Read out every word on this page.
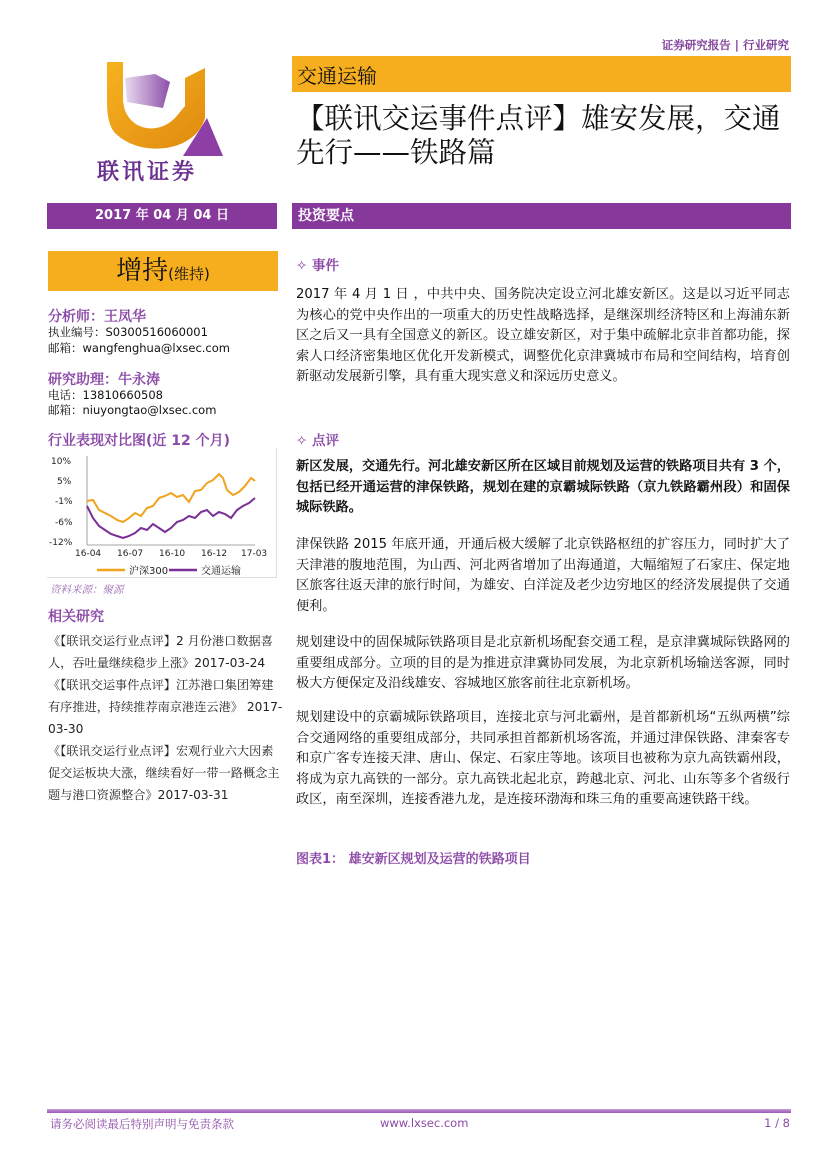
证券研究报告 | 行业研究
联讯证券
交通运输
【联讯交运事件点评】雄安发展，交通先行——铁路篇
2017 年 04 月 04 日	投资要点
增持(维持)
分析师：王凤华
执业编号：S0300516060001
邮箱：wangfenghua@lxsec.com
研究助理：牛永涛
电话：13810660508
邮箱：niuyongtao@lxsec.com
行业表现对比图(近 12 个月)
10%
5%
-1%
-6%
-12%
16-04 16-07 16-10 16-12 17-03
沪深300	交通运输
资料来源：聚源
相关研究
《【联讯交运行业点评】2 月份港口数据喜人，吞吐量继续稳步上涨》2017-03-24
《【联讯交运事件点评】江苏港口集团筹建有序推进，持续推荐南京港连云港》 2017-03-30
《【联讯交运行业点评】宏观行业六大因素促交运板块大涨，继续看好一带一路概念主题与港口资源整合》2017-03-31
✧ 事件
2017 年 4 月 1 日 ，中共中央、国务院决定设立河北雄安新区。这是以习近平同志为核心的党中央作出的一项重大的历史性战略选择，是继深圳经济特区和上海浦东新区之后又一具有全国意义的新区。设立雄安新区，对于集中疏解北京非首都功能，探索人口经济密集地区优化开发新模式，调整优化京津冀城市布局和空间结构，培育创新驱动发展新引擎，具有重大现实意义和深远历史意义。
✧ 点评
新区发展，交通先行。河北雄安新区所在区域目前规划及运营的铁路项目共有 3 个，包括已经开通运营的津保铁路，规划在建的京霸城际铁路（京九铁路霸州段）和固保城际铁路。
津保铁路 2015 年底开通，开通后极大缓解了北京铁路枢纽的扩容压力，同时扩大了天津港的腹地范围，为山西、河北两省增加了出海通道，大幅缩短了石家庄、保定地区旅客往返天津的旅行时间，为雄安、白洋淀及老少边穷地区的经济发展提供了交通便利。
规划建设中的固保城际铁路项目是北京新机场配套交通工程，是京津冀城际铁路网的重要组成部分。立项的目的是为推进京津冀协同发展，为北京新机场输送客源，同时极大方便保定及沿线雄安、容城地区旅客前往北京新机场。
规划建设中的京霸城际铁路项目，连接北京与河北霸州，是首都新机场“五纵两横”综合交通网络的重要组成部分，共同承担首都新机场客流，并通过津保铁路、津秦客专和京广客专连接天津、唐山、保定、石家庄等地。该项目也被称为京九高铁霸州段，将成为京九高铁的一部分。京九高铁北起北京，跨越北京、河北、山东等多个省级行政区，南至深圳，连接香港九龙，是连接环渤海和珠三角的重要高速铁路干线。
图表1： 雄安新区规划及运营的铁路项目
请务必阅读最后特别声明与免责条款	www.lxsec.com	1 / 8
